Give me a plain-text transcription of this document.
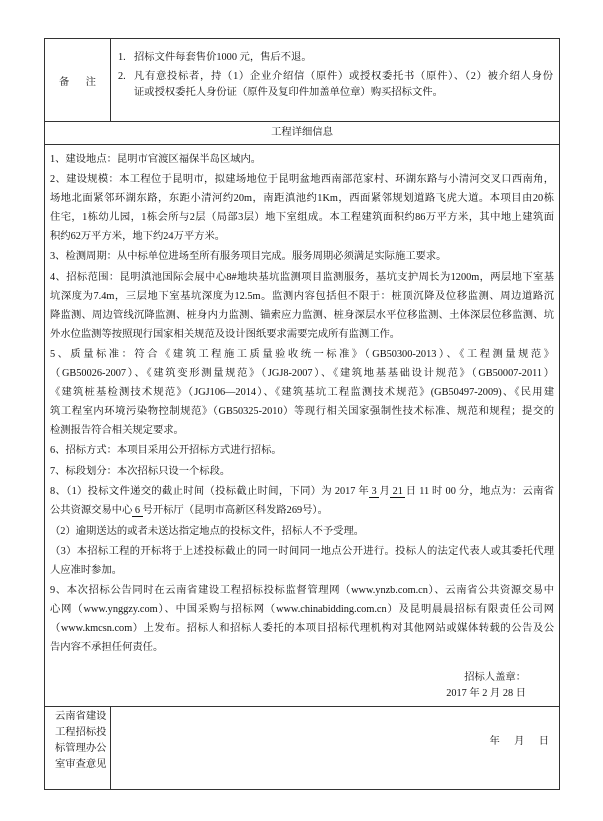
备　注
1. 招标文件每套售价1000 元，售后不退。
2. 凡有意投标者，持（1）企业介绍信（原件）或授权委托书（原件）、（2）被介绍人身份
证或授权委托人身份证（原件及复印件加盖单位章）购买招标文件。
工程详细信息
1、建设地点：昆明市官渡区福保半岛区域内。
2、建设规模：本工程位于昆明市，拟建场地位于昆明盆地西南部范家村、环湖东路与小清河交叉口西南角，
场地北面紧邻环湖东路，东距小清河约20m，南距滇池约1Km，西面紧邻规划道路飞虎大道。本项目由20栋
住宅，1栋幼儿园，1栋会所与2层（局部3层）地下室组成。本工程建筑面积约86万平方米，其中地上建筑面
积约62万平方米，地下约24万平方米。
3、检测周期：从中标单位进场至所有服务项目完成。服务周期必须满足实际施工要求。
4、招标范围：昆明滇池国际会展中心8#地块基坑监测项目监测服务，基坑支护周长为1200m，两层地下室基
坑深度为7.4m，三层地下室基坑深度为12.5m。监测内容包括但不限于：桩顶沉降及位移监测、周边道路沉
降监测、周边管线沉降监测、桩身内力监测、锚索应力监测、桩身深层水平位移监测、土体深层位移监测、坑
外水位监测等按照现行国家相关规范及设计图纸要求需要完成所有监测工作。
5、质量标准：符合《建筑工程施工质量验收统一标准》（GB50300-2013）、《工程测量规范》
（GB50026-2007）、《建筑变形测量规范》（JGJ8-2007）、《建筑地基基础设计规范》（GB50007-2011）
《建筑桩基检测技术规范》（JGJ106—2014）、《建筑基坑工程监测技术规范》(GB50497-2009)、《民用建
筑工程室内环境污染物控制规范》（GB50325-2010）等现行相关国家强制性技术标准、规范和规程；提交的
检测报告符合相关规定要求。
6、招标方式：本项目采用公开招标方式进行招标。
7、标段划分：本次招标只设一个标段。
8、（1）投标文件递交的截止时间（投标截止时间，下同）为 2017 年 3 月 21 日 11 时 00 分，地点为：云南省
公共资源交易中心 6 号开标厅（昆明市高新区科发路269号）。
（2）逾期送达的或者未送达指定地点的投标文件，招标人不予受理。
（3）本招标工程的开标将于上述投标截止的同一时间同一地点公开进行。投标人的法定代表人或其委托代理
人应准时参加。
9、本次招标公告同时在云南省建设工程招标投标监督管理网（www.ynzb.com.cn）、云南省公共资源交易中
心网（www.ynggzy.com）、中国采购与招标网（www.chinabidding.com.cn）及昆明晨晨招标有限责任公司网
（www.kmcsn.com）上发布。招标人和招标人委托的本项目招标代理机构对其他网站或媒体转载的公告及公
告内容不承担任何责任。
招标人盖章：
2017 年 2 月 28 日
云南省建设
工程招标投
标管理办公
室审查意见
年　月　日
